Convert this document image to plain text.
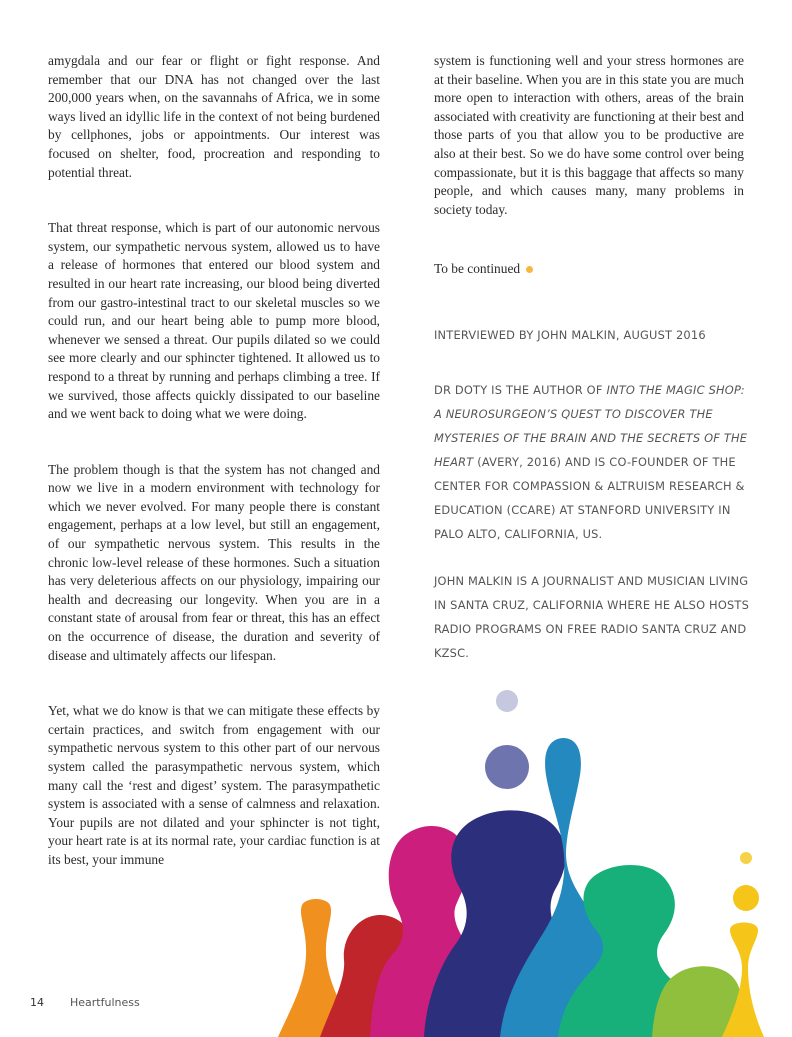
amygdala and our fear or flight or fight response. And remember that our DNA has not changed over the last 200,000 years when, on the savannahs of Africa, we in some ways lived an idyllic life in the context of not being burdened by cellphones, jobs or appointments. Our interest was focused on shelter, food, procreation and responding to potential threat.

That threat response, which is part of our autonomic nervous system, our sympathetic nervous system, allowed us to have a release of hormones that entered our blood system and resulted in our heart rate increasing, our blood being diverted from our gastro-intestinal tract to our skeletal muscles so we could run, and our heart being able to pump more blood, whenever we sensed a threat. Our pupils dilated so we could see more clearly and our sphincter tightened. It allowed us to respond to a threat by running and perhaps climbing a tree. If we survived, those affects quickly dissipated to our baseline and we went back to doing what we were doing.

The problem though is that the system has not changed and now we live in a modern environment with technology for which we never evolved. For many people there is constant engagement, perhaps at a low level, but still an engagement, of our sympathetic nervous system. This results in the chronic low-level release of these hormones. Such a situation has very deleterious affects on our physiology, impairing our health and decreasing our longevity. When you are in a constant state of arousal from fear or threat, this has an effect on the occurrence of disease, the duration and severity of disease and ultimately affects our lifespan.

Yet, what we do know is that we can mitigate these effects by certain practices, and switch from engagement with our sympathetic nervous system to this other part of our nervous system called the parasympathetic nervous system, which many call the ‘rest and digest’ system. The parasympathetic system is associated with a sense of calmness and relaxation. Your pupils are not dilated and your sphincter is not tight, your heart rate is at its normal rate, your cardiac function is at its best, your immune

system is functioning well and your stress hormones are at their baseline. When you are in this state you are much more open to interaction with others, areas of the brain associated with creativity are functioning at their best and those parts of you that allow you to be productive are also at their best. So we do have some control over being compassionate, but it is this baggage that affects so many people, and which causes many, many problems in society today.

To be continued
INTERVIEWED BY JOHN MALKIN, AUGUST 2016
DR DOTY IS THE AUTHOR OF INTO THE MAGIC SHOP: A NEUROSURGEON’S QUEST TO DISCOVER THE MYSTERIES OF THE BRAIN AND THE SECRETS OF THE HEART (AVERY, 2016) AND IS CO-FOUNDER OF THE CENTER FOR COMPASSION & ALTRUISM RESEARCH & EDUCATION (CCARE) AT STANFORD UNIVERSITY IN PALO ALTO, CALIFORNIA, US.
JOHN MALKIN IS A JOURNALIST AND MUSICIAN LIVING IN SANTA CRUZ, CALIFORNIA WHERE HE ALSO HOSTS RADIO PROGRAMS ON FREE RADIO SANTA CRUZ AND KZSC.
14 Heartfulness
